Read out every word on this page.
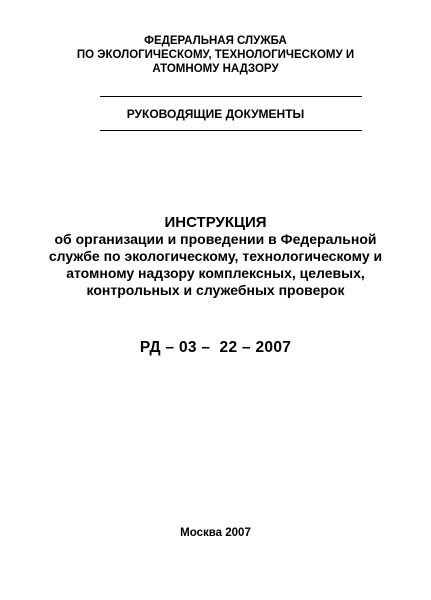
ФЕДЕРАЛЬНАЯ СЛУЖБА
ПО ЭКОЛОГИЧЕСКОМУ, ТЕХНОЛОГИЧЕСКОМУ И
АТОМНОМУ НАДЗОРУ
РУКОВОДЯЩИЕ ДОКУМЕНТЫ
ИНСТРУКЦИЯ
об организации и проведении в Федеральной
службе по экологическому, технологическому и
атомному надзору комплексных, целевых,
контрольных и служебных проверок
РД – 03 –  22 – 2007
Москва 2007
